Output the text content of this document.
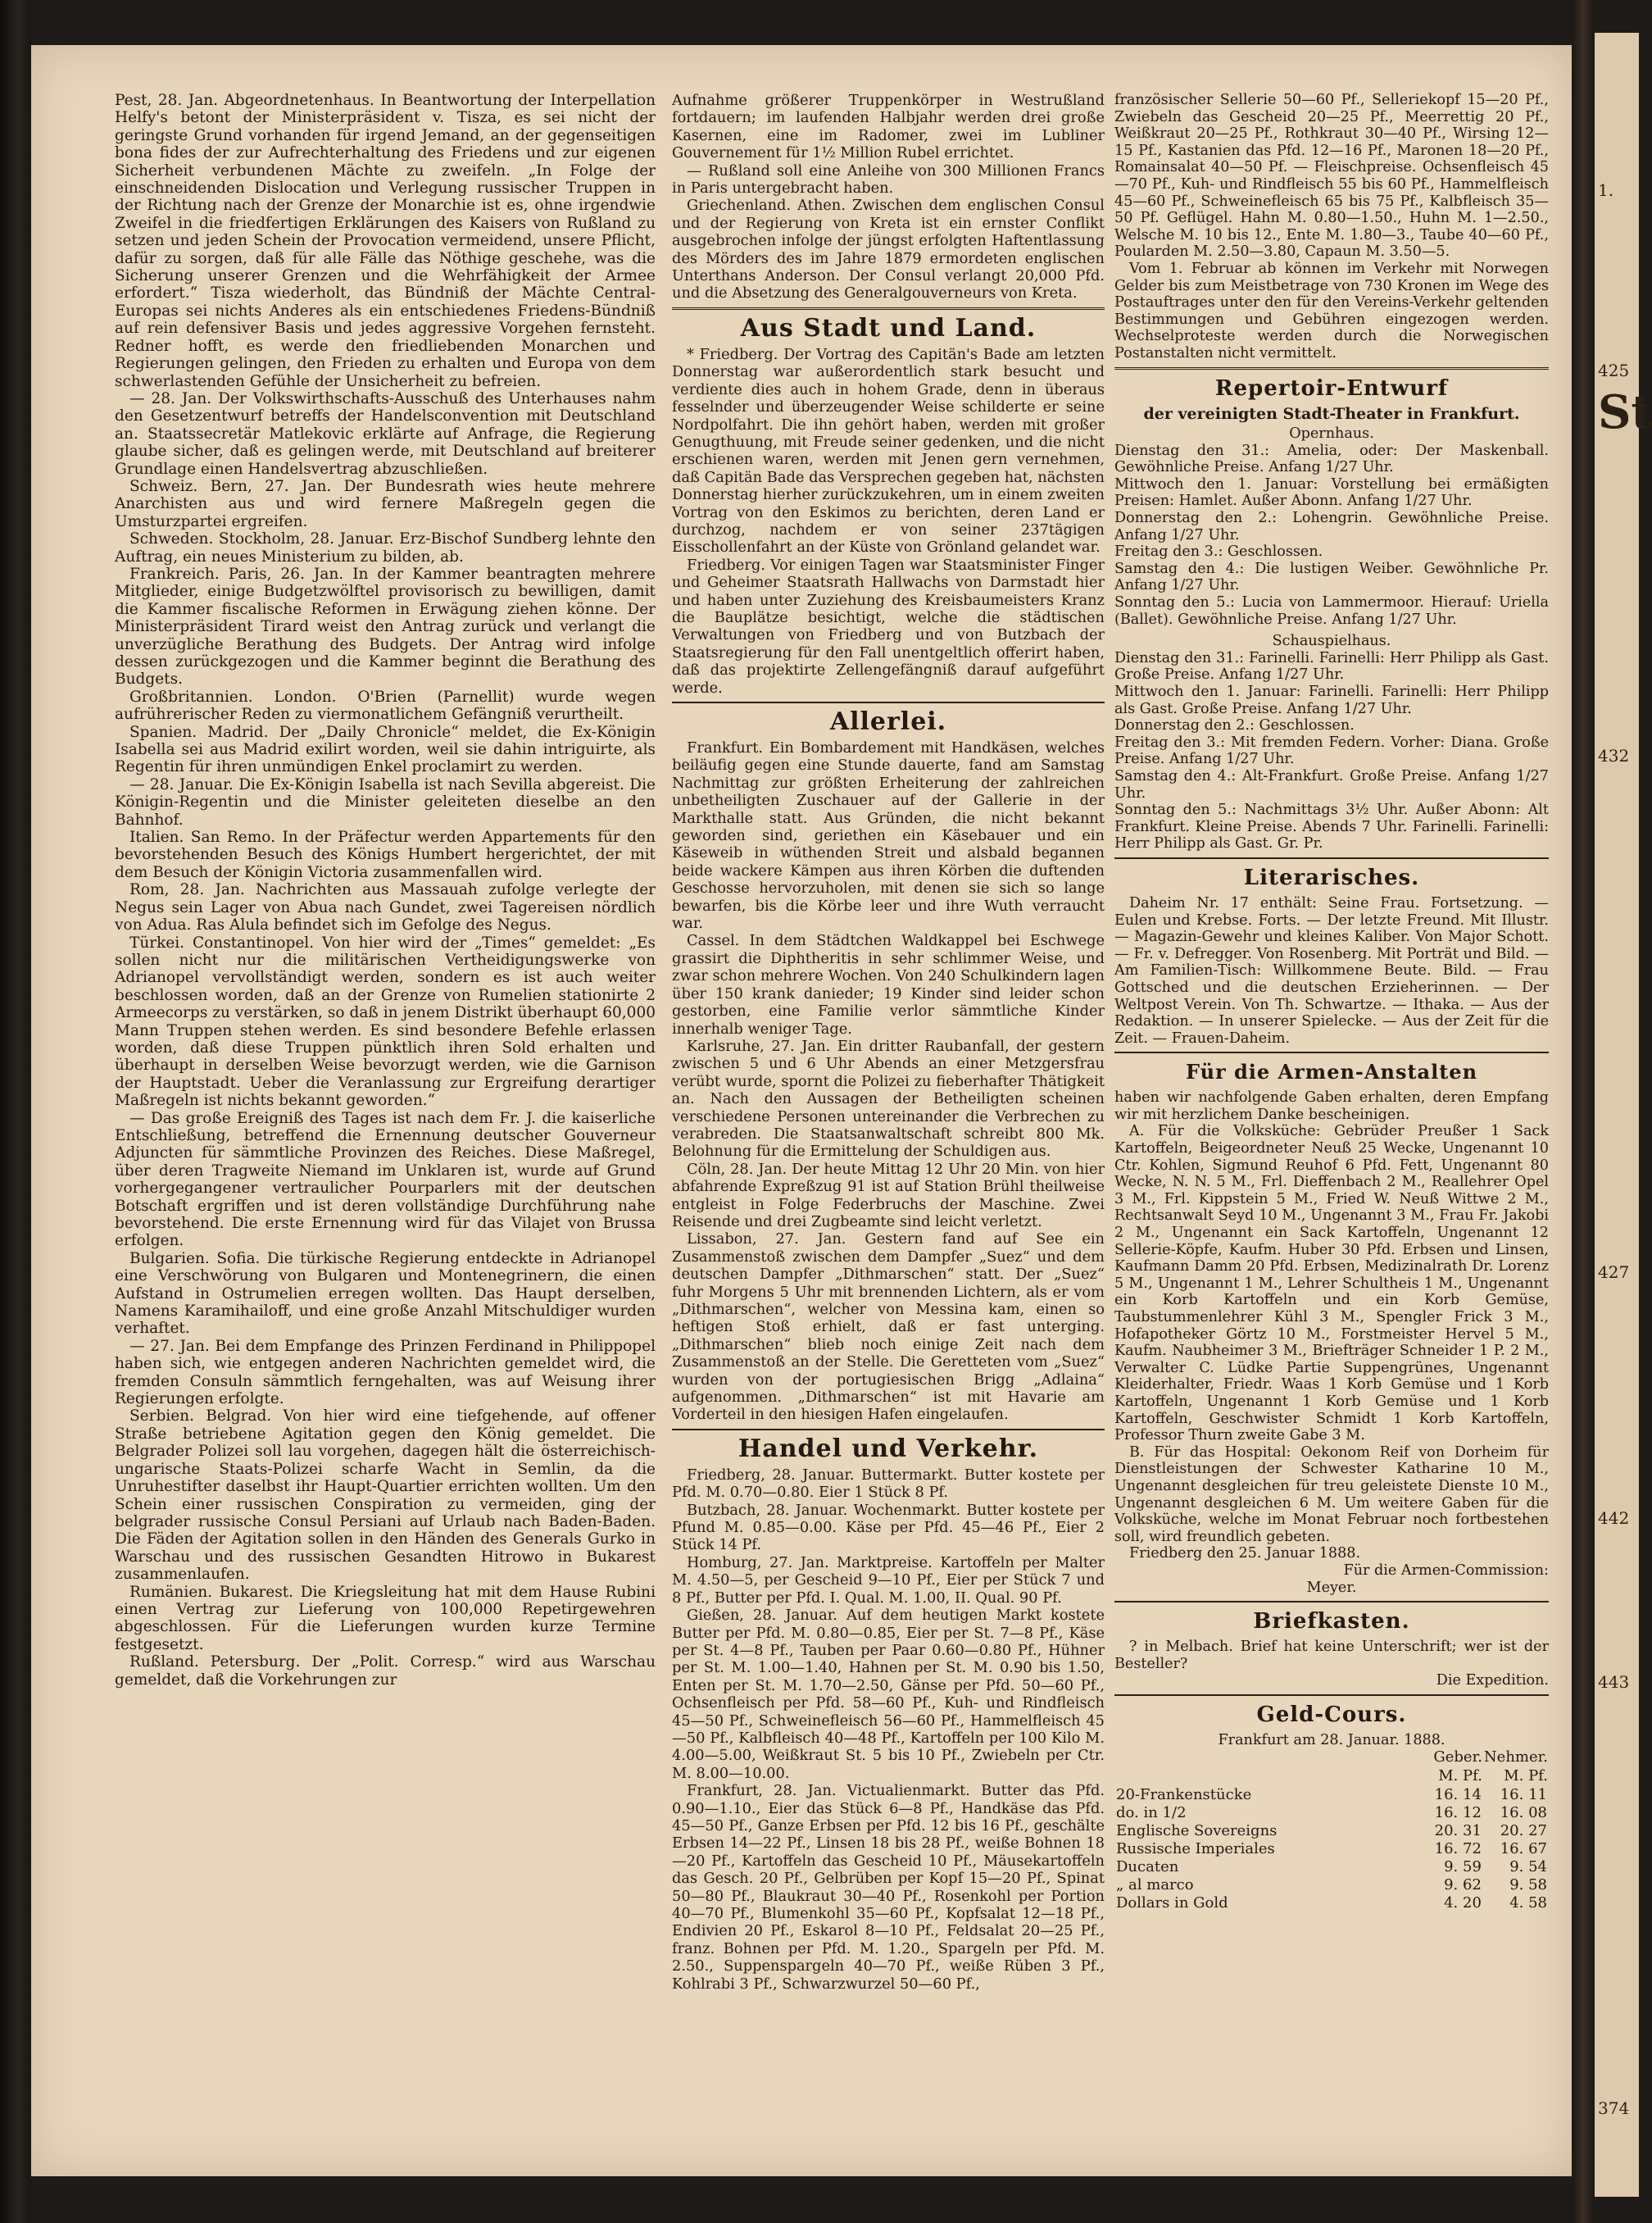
1.
425
St
432
427
442
443
374

Pest, 28. Jan. Abgeordnetenhaus. In Beantwortung der Interpellation Helfy's betont der Ministerpräsident v. Tisza, es sei nicht der geringste Grund vorhanden für irgend Jemand, an der gegenseitigen bona fides der zur Aufrechterhaltung des Friedens und zur eigenen Sicherheit verbundenen Mächte zu zweifeln. „In Folge der einschneidenden Dislocation und Verlegung russischer Truppen in der Richtung nach der Grenze der Monarchie ist es, ohne irgendwie Zweifel in die friedfertigen Erklärungen des Kaisers von Rußland zu setzen und jeden Schein der Provocation vermeidend, unsere Pflicht, dafür zu sorgen, daß für alle Fälle das Nöthige geschehe, was die Sicherung unserer Grenzen und die Wehrfähigkeit der Armee erfordert.“ Tisza wiederholt, das Bündniß der Mächte Central-Europas sei nichts Anderes als ein entschiedenes Friedens-Bündniß auf rein defensiver Basis und jedes aggressive Vorgehen fernsteht. Redner hofft, es werde den friedliebenden Monarchen und Regierungen gelingen, den Frieden zu erhalten und Europa von dem schwerlastenden Gefühle der Unsicherheit zu befreien.

— 28. Jan. Der Volkswirthschafts-Ausschuß des Unterhauses nahm den Gesetzentwurf betreffs der Handelsconvention mit Deutschland an. Staatssecretär Matlekovic erklärte auf Anfrage, die Regierung glaube sicher, daß es gelingen werde, mit Deutschland auf breiterer Grundlage einen Handelsvertrag abzuschließen.

Schweiz. Bern, 27. Jan. Der Bundesrath wies heute mehrere Anarchisten aus und wird fernere Maßregeln gegen die Umsturzpartei ergreifen.

Schweden. Stockholm, 28. Januar. Erz-Bischof Sundberg lehnte den Auftrag, ein neues Ministerium zu bilden, ab.

Frankreich. Paris, 26. Jan. In der Kammer beantragten mehrere Mitglieder, einige Budgetzwölftel provisorisch zu bewilligen, damit die Kammer fiscalische Reformen in Erwägung ziehen könne. Der Ministerpräsident Tirard weist den Antrag zurück und verlangt die unverzügliche Berathung des Budgets. Der Antrag wird infolge dessen zurückgezogen und die Kammer beginnt die Berathung des Budgets.

Großbritannien. London. O'Brien (Parnellit) wurde wegen aufrührerischer Reden zu viermonatlichem Gefängniß verurtheilt.

Spanien. Madrid. Der „Daily Chronicle“ meldet, die Ex-Königin Isabella sei aus Madrid exilirt worden, weil sie dahin intriguirte, als Regentin für ihren unmündigen Enkel proclamirt zu werden.

— 28. Januar. Die Ex-Königin Isabella ist nach Sevilla abgereist. Die Königin-Regentin und die Minister geleiteten dieselbe an den Bahnhof.

Italien. San Remo. In der Präfectur werden Appartements für den bevorstehenden Besuch des Königs Humbert hergerichtet, der mit dem Besuch der Königin Victoria zusammenfallen wird.

Rom, 28. Jan. Nachrichten aus Massauah zufolge verlegte der Negus sein Lager von Abua nach Gundet, zwei Tagereisen nördlich von Adua. Ras Alula befindet sich im Gefolge des Negus.

Türkei. Constantinopel. Von hier wird der „Times“ gemeldet: „Es sollen nicht nur die militärischen Vertheidigungswerke von Adrianopel vervollständigt werden, sondern es ist auch weiter beschlossen worden, daß an der Grenze von Rumelien stationirte 2 Armeecorps zu verstärken, so daß in jenem Distrikt überhaupt 60,000 Mann Truppen stehen werden. Es sind besondere Befehle erlassen worden, daß diese Truppen pünktlich ihren Sold erhalten und überhaupt in derselben Weise bevorzugt werden, wie die Garnison der Hauptstadt. Ueber die Veranlassung zur Ergreifung derartiger Maßregeln ist nichts bekannt geworden.“

— Das große Ereigniß des Tages ist nach dem Fr. J. die kaiserliche Entschließung, betreffend die Ernennung deutscher Gouverneur Adjuncten für sämmtliche Provinzen des Reiches. Diese Maßregel, über deren Tragweite Niemand im Unklaren ist, wurde auf Grund vorhergegangener vertraulicher Pourparlers mit der deutschen Botschaft ergriffen und ist deren vollständige Durchführung nahe bevorstehend. Die erste Ernennung wird für das Vilajet von Brussa erfolgen.

Bulgarien. Sofia. Die türkische Regierung entdeckte in Adrianopel eine Verschwörung von Bulgaren und Montenegrinern, die einen Aufstand in Ostrumelien erregen wollten. Das Haupt derselben, Namens Karamihailoff, und eine große Anzahl Mitschuldiger wurden verhaftet.

— 27. Jan. Bei dem Empfange des Prinzen Ferdinand in Philippopel haben sich, wie entgegen anderen Nachrichten gemeldet wird, die fremden Consuln sämmtlich ferngehalten, was auf Weisung ihrer Regierungen erfolgte.

Serbien. Belgrad. Von hier wird eine tiefgehende, auf offener Straße betriebene Agitation gegen den König gemeldet. Die Belgrader Polizei soll lau vorgehen, dagegen hält die österreichisch-ungarische Staats-Polizei scharfe Wacht in Semlin, da die Unruhestifter daselbst ihr Haupt-Quartier errichten wollten. Um den Schein einer russischen Conspiration zu vermeiden, ging der belgrader russische Consul Persiani auf Urlaub nach Baden-Baden. Die Fäden der Agitation sollen in den Händen des Generals Gurko in Warschau und des russischen Gesandten Hitrowo in Bukarest zusammenlaufen.

Rumänien. Bukarest. Die Kriegsleitung hat mit dem Hause Rubini einen Vertrag zur Lieferung von 100,000 Repetirgewehren abgeschlossen. Für die Lieferungen wurden kurze Termine festgesetzt.

Rußland. Petersburg. Der „Polit. Corresp.“ wird aus Warschau gemeldet, daß die Vorkehrungen zur

Aufnahme größerer Truppenkörper in Westrußland fortdauern; im laufenden Halbjahr werden drei große Kasernen, eine im Radomer, zwei im Lubliner Gouvernement für 1½ Million Rubel errichtet.

— Rußland soll eine Anleihe von 300 Millionen Francs in Paris untergebracht haben.

Griechenland. Athen. Zwischen dem englischen Consul und der Regierung von Kreta ist ein ernster Conflikt ausgebrochen infolge der jüngst erfolgten Haftentlassung des Mörders des im Jahre 1879 ermordeten englischen Unterthans Anderson. Der Consul verlangt 20,000 Pfd. und die Absetzung des Generalgouverneurs von Kreta.

Aus Stadt und Land.

* Friedberg. Der Vortrag des Capitän's Bade am letzten Donnerstag war außerordentlich stark besucht und verdiente dies auch in hohem Grade, denn in überaus fesselnder und überzeugender Weise schilderte er seine Nordpolfahrt. Die ihn gehört haben, werden mit großer Genugthuung, mit Freude seiner gedenken, und die nicht erschienen waren, werden mit Jenen gern vernehmen, daß Capitän Bade das Versprechen gegeben hat, nächsten Donnerstag hierher zurückzukehren, um in einem zweiten Vortrag von den Eskimos zu berichten, deren Land er durchzog, nachdem er von seiner 237tägigen Eisschollenfahrt an der Küste von Grönland gelandet war.

Friedberg. Vor einigen Tagen war Staatsminister Finger und Geheimer Staatsrath Hallwachs von Darmstadt hier und haben unter Zuziehung des Kreisbaumeisters Kranz die Bauplätze besichtigt, welche die städtischen Verwaltungen von Friedberg und von Butzbach der Staatsregierung für den Fall unentgeltlich offerirt haben, daß das projektirte Zellengefängniß darauf aufgeführt werde.

Allerlei.

Frankfurt. Ein Bombardement mit Handkäsen, welches beiläufig gegen eine Stunde dauerte, fand am Samstag Nachmittag zur größten Erheiterung der zahlreichen unbetheiligten Zuschauer auf der Gallerie in der Markthalle statt. Aus Gründen, die nicht bekannt geworden sind, geriethen ein Käsebauer und ein Käseweib in wüthenden Streit und alsbald begannen beide wackere Kämpen aus ihren Körben die duftenden Geschosse hervorzuholen, mit denen sie sich so lange bewarfen, bis die Körbe leer und ihre Wuth verraucht war.

Cassel. In dem Städtchen Waldkappel bei Eschwege grassirt die Diphtheritis in sehr schlimmer Weise, und zwar schon mehrere Wochen. Von 240 Schulkindern lagen über 150 krank danieder; 19 Kinder sind leider schon gestorben, eine Familie verlor sämmtliche Kinder innerhalb weniger Tage.

Karlsruhe, 27. Jan. Ein dritter Raubanfall, der gestern zwischen 5 und 6 Uhr Abends an einer Metzgersfrau verübt wurde, spornt die Polizei zu fieberhafter Thätigkeit an. Nach den Aussagen der Betheiligten scheinen verschiedene Personen untereinander die Verbrechen zu verabreden. Die Staatsanwaltschaft schreibt 800 Mk. Belohnung für die Ermittelung der Schuldigen aus.

Cöln, 28. Jan. Der heute Mittag 12 Uhr 20 Min. von hier abfahrende Expreßzug 91 ist auf Station Brühl theilweise entgleist in Folge Federbruchs der Maschine. Zwei Reisende und drei Zugbeamte sind leicht verletzt.

Lissabon, 27. Jan. Gestern fand auf See ein Zusammenstoß zwischen dem Dampfer „Suez“ und dem deutschen Dampfer „Dithmarschen“ statt. Der „Suez“ fuhr Morgens 5 Uhr mit brennenden Lichtern, als er vom „Dithmarschen“, welcher von Messina kam, einen so heftigen Stoß erhielt, daß er fast unterging. „Dithmarschen“ blieb noch einige Zeit nach dem Zusammenstoß an der Stelle. Die Geretteten vom „Suez“ wurden von der portugiesischen Brigg „Adlaina“ aufgenommen. „Dithmarschen“ ist mit Havarie am Vorderteil in den hiesigen Hafen eingelaufen.

Handel und Verkehr.

Friedberg, 28. Januar. Buttermarkt. Butter kostete per Pfd. M. 0.70—0.80. Eier 1 Stück 8 Pf.

Butzbach, 28. Januar. Wochenmarkt. Butter kostete per Pfund M. 0.85—0.00. Käse per Pfd. 45—46 Pf., Eier 2 Stück 14 Pf.

Homburg, 27. Jan. Marktpreise. Kartoffeln per Malter M. 4.50—5, per Gescheid 9—10 Pf., Eier per Stück 7 und 8 Pf., Butter per Pfd. I. Qual. M. 1.00, II. Qual. 90 Pf.

Gießen, 28. Januar. Auf dem heutigen Markt kostete Butter per Pfd. M. 0.80—0.85, Eier per St. 7—8 Pf., Käse per St. 4—8 Pf., Tauben per Paar 0.60—0.80 Pf., Hühner per St. M. 1.00—1.40, Hahnen per St. M. 0.90 bis 1.50, Enten per St. M. 1.70—2.50, Gänse per Pfd. 50—60 Pf., Ochsenfleisch per Pfd. 58—60 Pf., Kuh- und Rindfleisch 45—50 Pf., Schweinefleisch 56—60 Pf., Hammelfleisch 45—50 Pf., Kalbfleisch 40—48 Pf., Kartoffeln per 100 Kilo M. 4.00—5.00, Weißkraut St. 5 bis 10 Pf., Zwiebeln per Ctr. M. 8.00—10.00.

Frankfurt, 28. Jan. Victualienmarkt. Butter das Pfd. 0.90—1.10., Eier das Stück 6—8 Pf., Handkäse das Pfd. 45—50 Pf., Ganze Erbsen per Pfd. 12 bis 16 Pf., geschälte Erbsen 14—22 Pf., Linsen 18 bis 28 Pf., weiße Bohnen 18—20 Pf., Kartoffeln das Gescheid 10 Pf., Mäusekartoffeln das Gesch. 20 Pf., Gelbrüben per Kopf 15—20 Pf., Spinat 50—80 Pf., Blaukraut 30—40 Pf., Rosenkohl per Portion 40—70 Pf., Blumenkohl 35—60 Pf., Kopfsalat 12—18 Pf., Endivien 20 Pf., Eskarol 8—10 Pf., Feldsalat 20—25 Pf., franz. Bohnen per Pfd. M. 1.20., Spargeln per Pfd. M. 2.50., Suppenspargeln 40—70 Pf., weiße Rüben 3 Pf., Kohlrabi 3 Pf., Schwarzwurzel 50—60 Pf.,

französischer Sellerie 50—60 Pf., Selleriekopf 15—20 Pf., Zwiebeln das Gescheid 20—25 Pf., Meerrettig 20 Pf., Weißkraut 20—25 Pf., Rothkraut 30—40 Pf., Wirsing 12—15 Pf., Kastanien das Pfd. 12—16 Pf., Maronen 18—20 Pf., Romainsalat 40—50 Pf. — Fleischpreise. Ochsenfleisch 45—70 Pf., Kuh- und Rindfleisch 55 bis 60 Pf., Hammelfleisch 45—60 Pf., Schweinefleisch 65 bis 75 Pf., Kalbfleisch 35—50 Pf. Geflügel. Hahn M. 0.80—1.50., Huhn M. 1—2.50., Welsche M. 10 bis 12., Ente M. 1.80—3., Taube 40—60 Pf., Poularden M. 2.50—3.80, Capaun M. 3.50—5.

Vom 1. Februar ab können im Verkehr mit Norwegen Gelder bis zum Meistbetrage von 730 Kronen im Wege des Postauftrages unter den für den Vereins-Verkehr geltenden Bestimmungen und Gebühren eingezogen werden. Wechselproteste werden durch die Norwegischen Postanstalten nicht vermittelt.

Repertoir-Entwurf
der vereinigten Stadt-Theater in Frankfurt.

Opernhaus.

Dienstag den 31.: Amelia, oder: Der Maskenball. Gewöhnliche Preise. Anfang 1/27 Uhr.

Mittwoch den 1. Januar: Vorstellung bei ermäßigten Preisen: Hamlet. Außer Abonn. Anfang 1/27 Uhr.

Donnerstag den 2.: Lohengrin. Gewöhnliche Preise. Anfang 1/27 Uhr.

Freitag den 3.: Geschlossen.

Samstag den 4.: Die lustigen Weiber. Gewöhnliche Pr. Anfang 1/27 Uhr.

Sonntag den 5.: Lucia von Lammermoor. Hierauf: Uriella (Ballet). Gewöhnliche Preise. Anfang 1/27 Uhr.

Schauspielhaus.

Dienstag den 31.: Farinelli. Farinelli: Herr Philipp als Gast. Große Preise. Anfang 1/27 Uhr.

Mittwoch den 1. Januar: Farinelli. Farinelli: Herr Philipp als Gast. Große Preise. Anfang 1/27 Uhr.

Donnerstag den 2.: Geschlossen.

Freitag den 3.: Mit fremden Federn. Vorher: Diana. Große Preise. Anfang 1/27 Uhr.

Samstag den 4.: Alt-Frankfurt. Große Preise. Anfang 1/27 Uhr.

Sonntag den 5.: Nachmittags 3½ Uhr. Außer Abonn: Alt Frankfurt. Kleine Preise. Abends 7 Uhr. Farinelli. Farinelli: Herr Philipp als Gast. Gr. Pr.

Literarisches.

Daheim Nr. 17 enthält: Seine Frau. Fortsetzung. — Eulen und Krebse. Forts. — Der letzte Freund. Mit Illustr. — Magazin-Gewehr und kleines Kaliber. Von Major Schott. — Fr. v. Defregger. Von Rosenberg. Mit Porträt und Bild. — Am Familien-Tisch: Willkommene Beute. Bild. — Frau Gottsched und die deutschen Erzieherinnen. — Der Weltpost Verein. Von Th. Schwartze. — Ithaka. — Aus der Redaktion. — In unserer Spielecke. — Aus der Zeit für die Zeit. — Frauen-Daheim.

Für die Armen-Anstalten

haben wir nachfolgende Gaben erhalten, deren Empfang wir mit herzlichem Danke bescheinigen.

A. Für die Volksküche: Gebrüder Preußer 1 Sack Kartoffeln, Beigeordneter Neuß 25 Wecke, Ungenannt 10 Ctr. Kohlen, Sigmund Reuhof 6 Pfd. Fett, Ungenannt 80 Wecke, N. N. 5 M., Frl. Dieffenbach 2 M., Reallehrer Opel 3 M., Frl. Kippstein 5 M., Fried W. Neuß Wittwe 2 M., Rechtsanwalt Seyd 10 M., Ungenannt 3 M., Frau Fr. Jakobi 2 M., Ungenannt ein Sack Kartoffeln, Ungenannt 12 Sellerie-Köpfe, Kaufm. Huber 30 Pfd. Erbsen und Linsen, Kaufmann Damm 20 Pfd. Erbsen, Medizinalrath Dr. Lorenz 5 M., Ungenannt 1 M., Lehrer Schultheis 1 M., Ungenannt ein Korb Kartoffeln und ein Korb Gemüse, Taubstummenlehrer Kühl 3 M., Spengler Frick 3 M., Hofapotheker Görtz 10 M., Forstmeister Hervel 5 M., Kaufm. Naubheimer 3 M., Briefträger Schneider 1 P. 2 M., Verwalter C. Lüdke Partie Suppengrünes, Ungenannt Kleiderhalter, Friedr. Waas 1 Korb Gemüse und 1 Korb Kartoffeln, Ungenannt 1 Korb Gemüse und 1 Korb Kartoffeln, Geschwister Schmidt 1 Korb Kartoffeln, Professor Thurn zweite Gabe 3 M.

B. Für das Hospital: Oekonom Reif von Dorheim für Dienstleistungen der Schwester Katharine 10 M., Ungenannt desgleichen für treu geleistete Dienste 10 M., Ungenannt desgleichen 6 M. Um weitere Gaben für die Volksküche, welche im Monat Februar noch fortbestehen soll, wird freundlich gebeten.

Friedberg den 25. Januar 1888.

Für die Armen-Commission:

Meyer.

Briefkasten.

? in Melbach. Brief hat keine Unterschrift; wer ist der Besteller?

Die Expedition.

Geld-Cours.

Frankfurt am 28. Januar. 1888.

	Geber.	Nehmer.
	M. Pf.	M. Pf.
20-Frankenstücke	16. 14	16. 11
do. in 1/2	16. 12	16. 08
Englische Sovereigns	20. 31	20. 27
Russische Imperiales	16. 72	16. 67
Ducaten	9. 59	9. 54
„ al marco	9. 62	9. 58
Dollars in Gold	4. 20	4. 58
